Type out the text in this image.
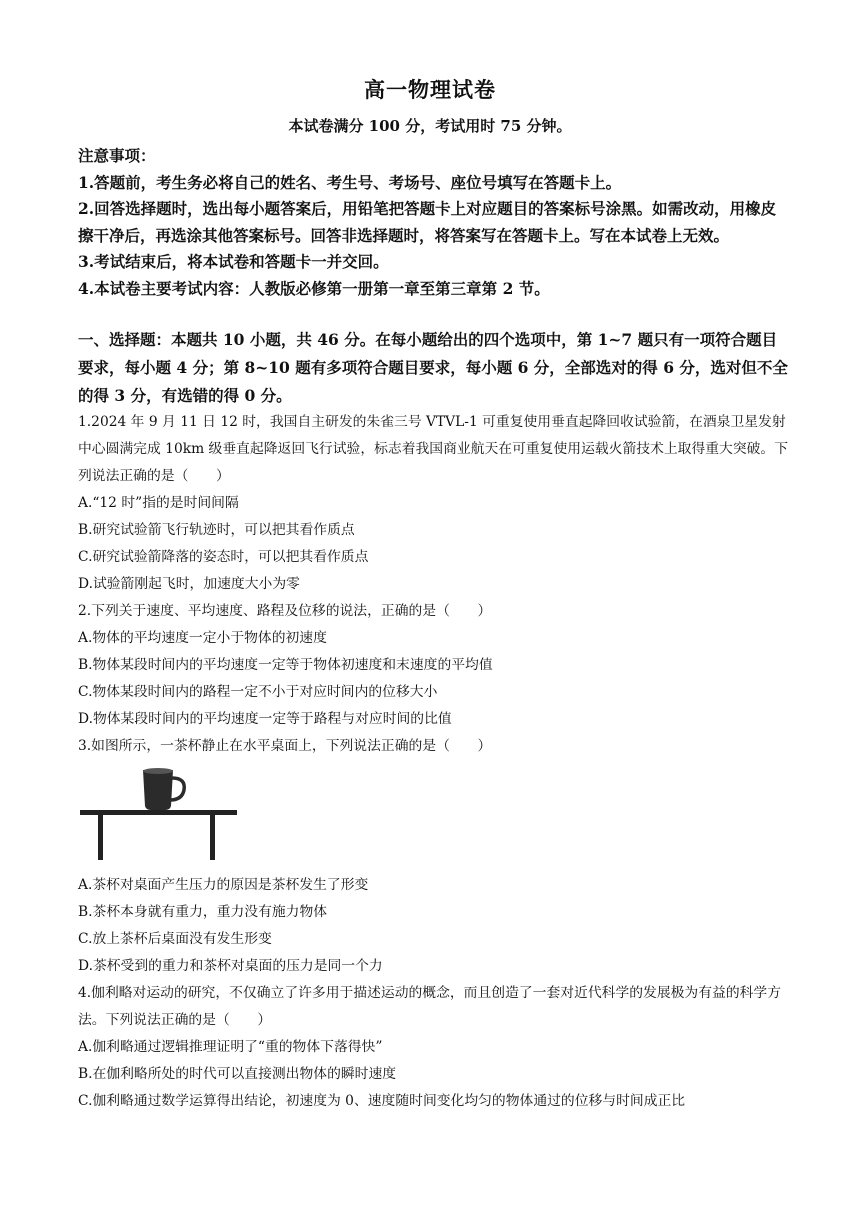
高一物理试卷
本试卷满分 100 分，考试用时 75 分钟。

注意事项：

1.答题前，考生务必将自己的姓名、考生号、考场号、座位号填写在答题卡上。

2.回答选择题时，选出每小题答案后，用铅笔把答题卡上对应题目的答案标号涂黑。如需改动，用橡皮擦干净后，再选涂其他答案标号。回答非选择题时，将答案写在答题卡上。写在本试卷上无效。

3.考试结束后，将本试卷和答题卡一并交回。

4.本试卷主要考试内容：人教版必修第一册第一章至第三章第 2 节。

一、选择题：本题共 10 小题，共 46 分。在每小题给出的四个选项中，第 1~7 题只有一项符合题目要求，每小题 4 分；第 8~10 题有多项符合题目要求，每小题 6 分，全部选对的得 6 分，选对但不全的得 3 分，有选错的得 0 分。

1.2024 年 9 月 11 日 12 时，我国自主研发的朱雀三号 VTVL-1 可重复使用垂直起降回收试验箭，在酒泉卫星发射中心圆满完成 10km 级垂直起降返回飞行试验，标志着我国商业航天在可重复使用运载火箭技术上取得重大突破。下列说法正确的是（　　）

A.“12 时”指的是时间间隔

B.研究试验箭飞行轨迹时，可以把其看作质点

C.研究试验箭降落的姿态时，可以把其看作质点

D.试验箭刚起飞时，加速度大小为零

2.下列关于速度、平均速度、路程及位移的说法，正确的是（　　）

A.物体的平均速度一定小于物体的初速度

B.物体某段时间内的平均速度一定等于物体初速度和末速度的平均值

C.物体某段时间内的路程一定不小于对应时间内的位移大小

D.物体某段时间内的平均速度一定等于路程与对应时间的比值

3.如图所示，一茶杯静止在水平桌面上，下列说法正确的是（　　）

A.茶杯对桌面产生压力的原因是茶杯发生了形变

B.茶杯本身就有重力，重力没有施力物体

C.放上茶杯后桌面没有发生形变

D.茶杯受到的重力和茶杯对桌面的压力是同一个力

4.伽利略对运动的研究，不仅确立了许多用于描述运动的概念，而且创造了一套对近代科学的发展极为有益的科学方法。下列说法正确的是（　　）

A.伽利略通过逻辑推理证明了“重的物体下落得快”

B.在伽利略所处的时代可以直接测出物体的瞬时速度

C.伽利略通过数学运算得出结论，初速度为 0、速度随时间变化均匀的物体通过的位移与时间成正比
